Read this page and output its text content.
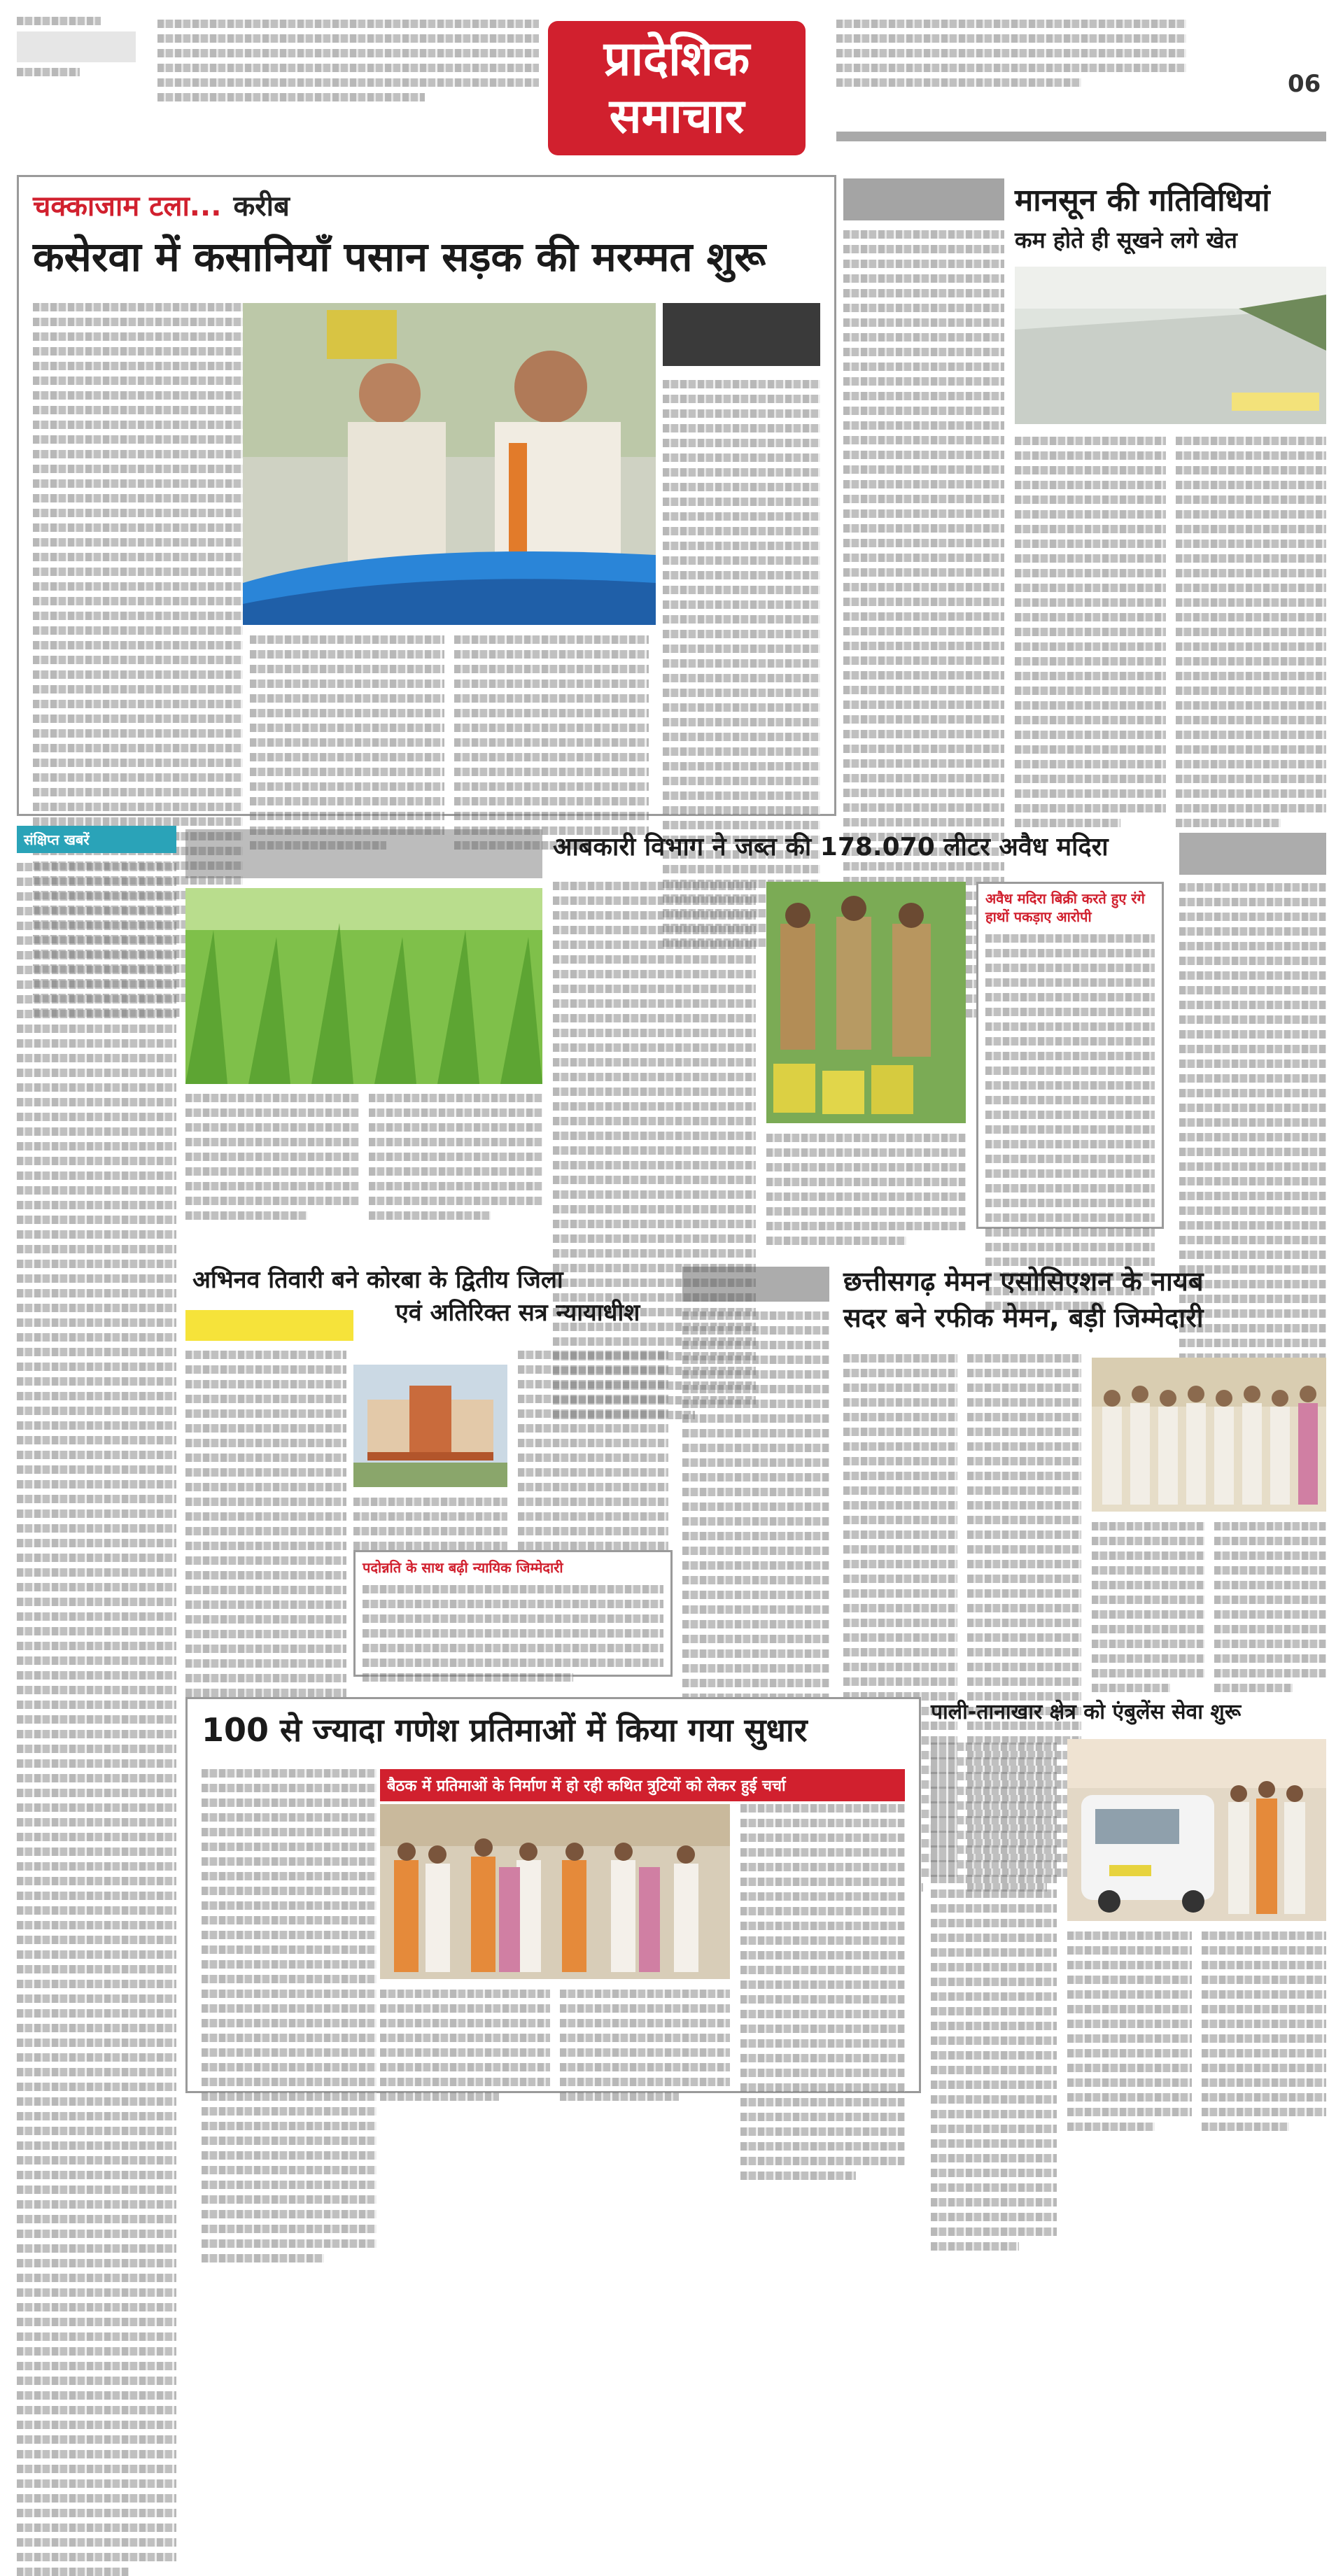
प्रादेशिक
समाचार
06
चक्काजाम टला... करीब
कसेरवा में कसानियाँ पसान सड़क की मरम्मत शुरू
मानसून की गतिविधियां
कम होते ही सूखने लगे खेत
संक्षिप्त खबरें	आबकारी विभाग ने जब्त की 178.070 लीटर अवैध मदिरा
अवैध मदिरा बिक्री करते हुए रंगे हाथों पकड़ाए आरोपी
अभिनव तिवारी बने कोरबा के द्वितीय जिला
एवं अतिरिक्त सत्र न्यायाधीश
पदोन्नति के साथ बढ़ी न्यायिक जिम्मेदारी
छत्तीसगढ़ मेमन एसोसिएशन के नायब
सदर बने रफीक मेमन, बड़ी जिम्मेदारी
100 से ज्यादा गणेश प्रतिमाओं में किया गया सुधार
बैठक में प्रतिमाओं के निर्माण में हो रही कथित त्रुटियों को लेकर हुई चर्चा
पाली-तानाखार क्षेत्र को एंबुलेंस सेवा शुरू
